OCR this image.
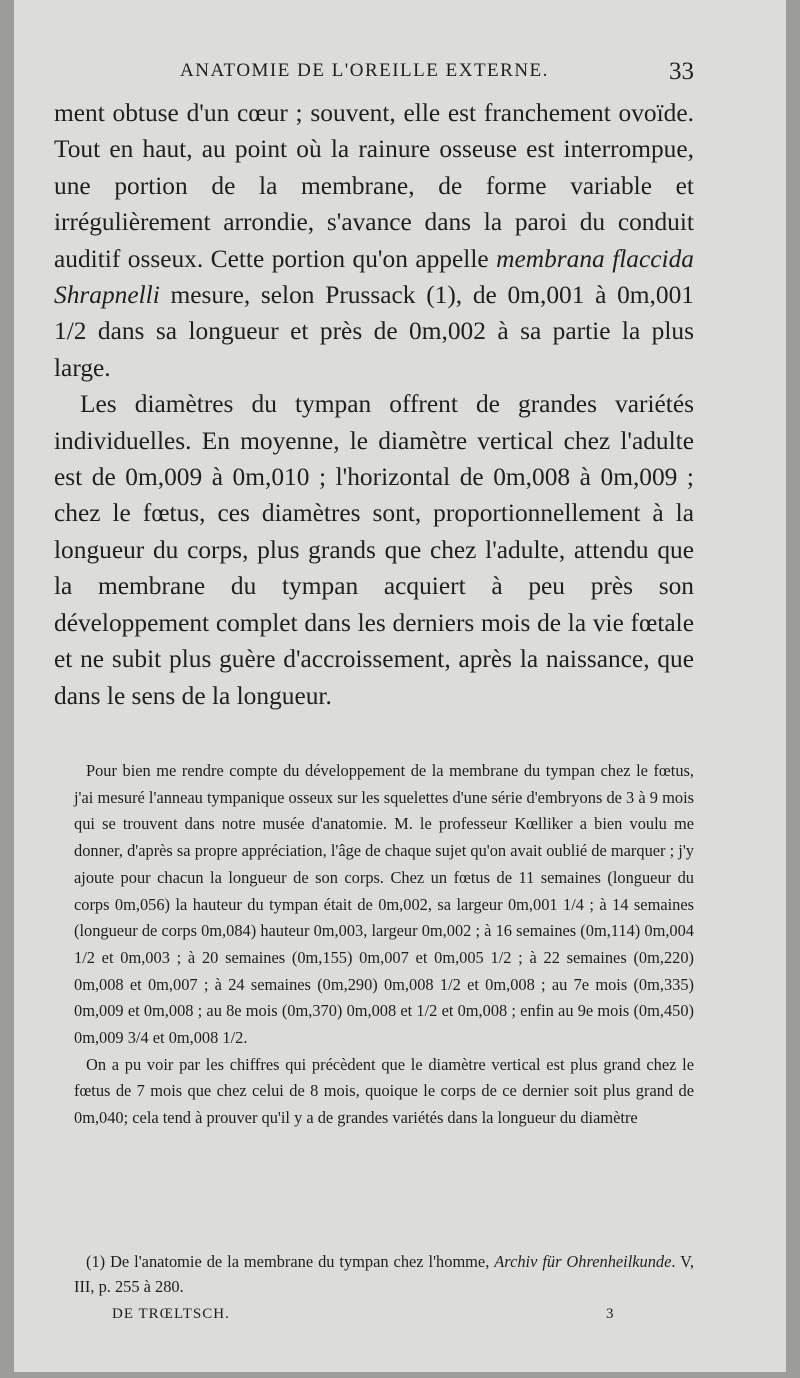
ANATOMIE DE L'OREILLE EXTERNE.	33

ment obtuse d'un cœur ; souvent, elle est franchement ovoïde. Tout en haut, au point où la rainure osseuse est interrompue, une portion de la membrane, de forme variable et irrégulièrement arrondie, s'avance dans la paroi du conduit auditif osseux. Cette portion qu'on appelle membrana flaccida Shrapnelli mesure, selon Prussack (1), de 0m,001 à 0m,001 1/2 dans sa longueur et près de 0m,002 à sa partie la plus large.

Les diamètres du tympan offrent de grandes variétés individuelles. En moyenne, le diamètre vertical chez l'adulte est de 0m,009 à 0m,010 ; l'horizontal de 0m,008 à 0m,009 ; chez le fœtus, ces diamètres sont, proportionnellement à la longueur du corps, plus grands que chez l'adulte, attendu que la membrane du tympan acquiert à peu près son développement complet dans les derniers mois de la vie fœtale et ne subit plus guère d'accroissement, après la naissance, que dans le sens de la longueur.

Pour bien me rendre compte du développement de la membrane du tympan chez le fœtus, j'ai mesuré l'anneau tympanique osseux sur les squelettes d'une série d'embryons de 3 à 9 mois qui se trouvent dans notre musée d'anatomie. M. le professeur Kœlliker a bien voulu me donner, d'après sa propre appréciation, l'âge de chaque sujet qu'on avait oublié de marquer ; j'y ajoute pour chacun la longueur de son corps. Chez un fœtus de 11 semaines (longueur du corps 0m,056) la hauteur du tympan était de 0m,002, sa largeur 0m,001 1/4 ; à 14 semaines (longueur de corps 0m,084) hauteur 0m,003, largeur 0m,002 ; à 16 semaines (0m,114) 0m,004 1/2 et 0m,003 ; à 20 semaines (0m,155) 0m,007 et 0m,005 1/2 ; à 22 semaines (0m,220) 0m,008 et 0m,007 ; à 24 semaines (0m,290) 0m,008 1/2 et 0m,008 ; au 7e mois (0m,335) 0m,009 et 0m,008 ; au 8e mois (0m,370) 0m,008 et 1/2 et 0m,008 ; enfin au 9e mois (0m,450) 0m,009 3/4 et 0m,008 1/2.

On a pu voir par les chiffres qui précèdent que le diamètre vertical est plus grand chez le fœtus de 7 mois que chez celui de 8 mois, quoique le corps de ce dernier soit plus grand de 0m,040; cela tend à prouver qu'il y a de grandes variétés dans la longueur du diamètre

(1) De l'anatomie de la membrane du tympan chez l'homme, Archiv für Ohrenheilkunde. V, III, p. 255 à 280.

DE TRŒLTSCH.	3
